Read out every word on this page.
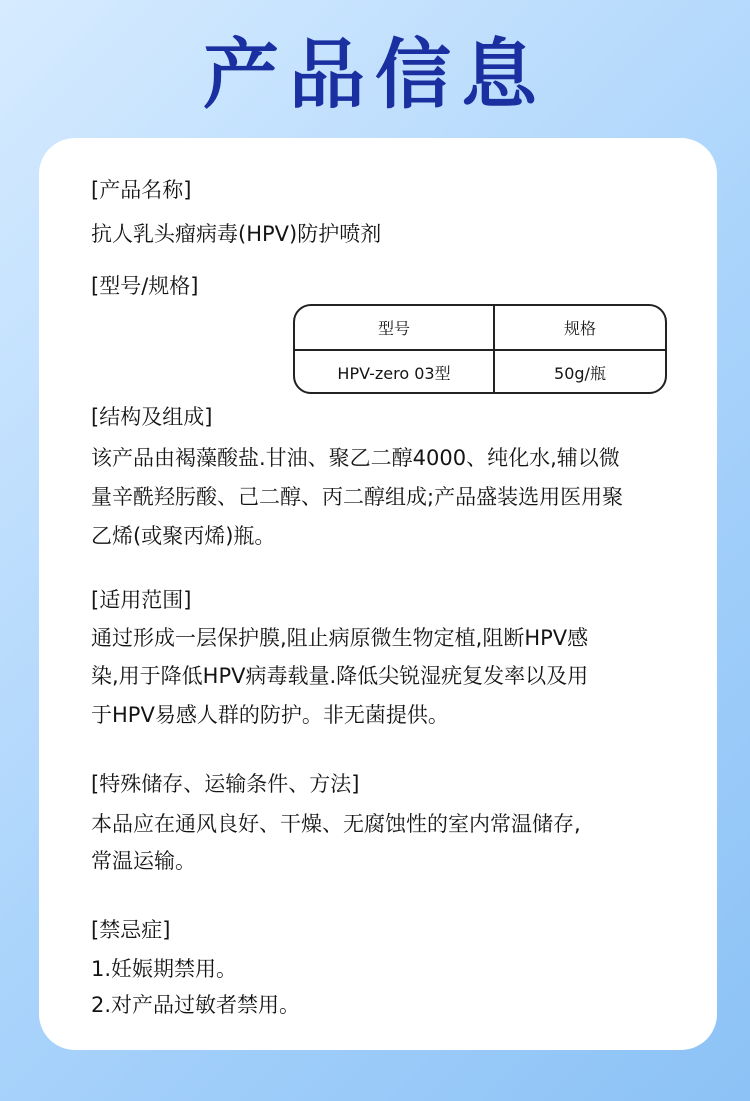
产品信息
[产品名称]
抗人乳头瘤病毒(HPV)防护喷剂
[型号/规格]
型号	规格
HPV-zero 03型	50g/瓶
[结构及组成]
该产品由褐藻酸盐.甘油、聚乙二醇4000、纯化水,辅以微
量辛酰羟肟酸、己二醇、丙二醇组成;产品盛装选用医用聚
乙烯(或聚丙烯)瓶。
[适用范围]
通过形成一层保护膜,阻止病原微生物定植,阻断HPV感
染,用于降低HPV病毒载量.降低尖锐湿疣复发率以及用
于HPV易感人群的防护。非无菌提供。
[特殊储存、运输条件、方法]
本品应在通风良好、干燥、无腐蚀性的室内常温储存,
常温运输。
[禁忌症]
1.妊娠期禁用。
2.对产品过敏者禁用。
